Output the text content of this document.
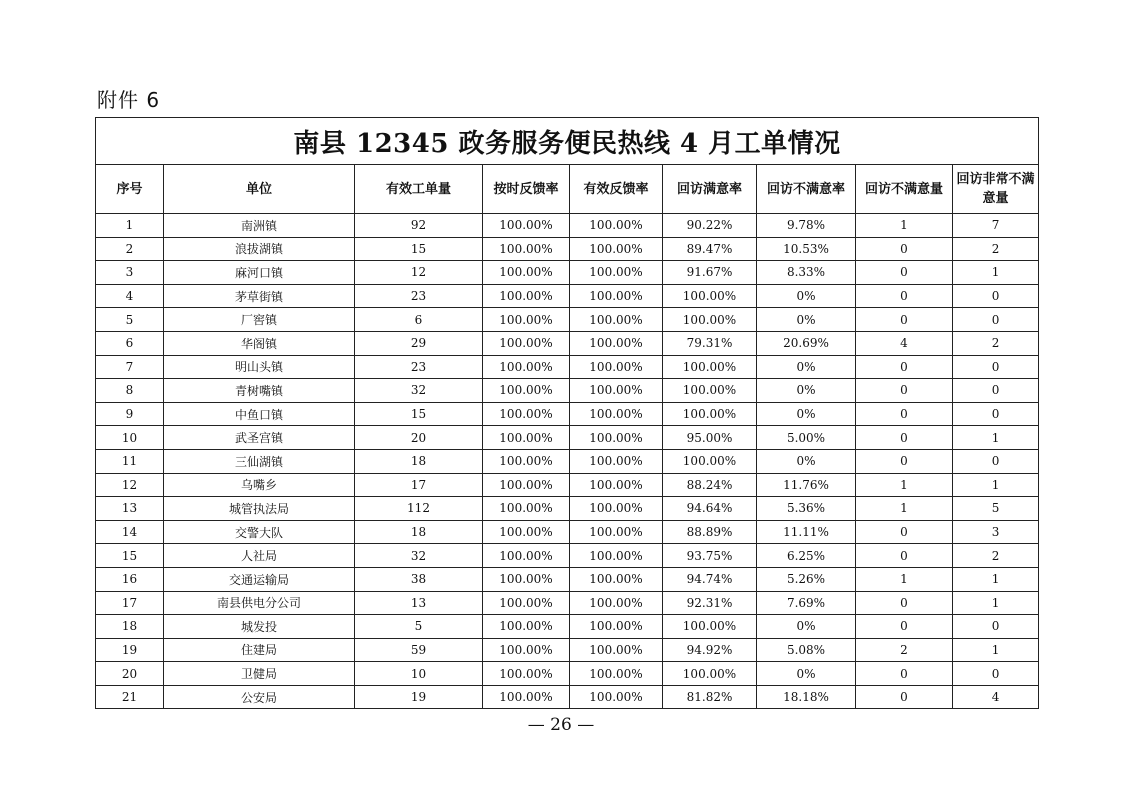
附件 6
南县 12345 政务服务便民热线 4 月工单情况								
序号	单位	有效工单量	按时反馈率	有效反馈率	回访满意率	回访不满意率	回访不满意量	回访非常不满意量
1	南洲镇	92	100.00%	100.00%	90.22%	9.78%	1	7
2	浪拔湖镇	15	100.00%	100.00%	89.47%	10.53%	0	2
3	麻河口镇	12	100.00%	100.00%	91.67%	8.33%	0	1
4	茅草街镇	23	100.00%	100.00%	100.00%	0%	0	0
5	厂窖镇	6	100.00%	100.00%	100.00%	0%	0	0
6	华阁镇	29	100.00%	100.00%	79.31%	20.69%	4	2
7	明山头镇	23	100.00%	100.00%	100.00%	0%	0	0
8	青树嘴镇	32	100.00%	100.00%	100.00%	0%	0	0
9	中鱼口镇	15	100.00%	100.00%	100.00%	0%	0	0
10	武圣宫镇	20	100.00%	100.00%	95.00%	5.00%	0	1
11	三仙湖镇	18	100.00%	100.00%	100.00%	0%	0	0
12	乌嘴乡	17	100.00%	100.00%	88.24%	11.76%	1	1
13	城管执法局	112	100.00%	100.00%	94.64%	5.36%	1	5
14	交警大队	18	100.00%	100.00%	88.89%	11.11%	0	3
15	人社局	32	100.00%	100.00%	93.75%	6.25%	0	2
16	交通运输局	38	100.00%	100.00%	94.74%	5.26%	1	1
17	南县供电分公司	13	100.00%	100.00%	92.31%	7.69%	0	1
18	城发投	5	100.00%	100.00%	100.00%	0%	0	0
19	住建局	59	100.00%	100.00%	94.92%	5.08%	2	1
20	卫健局	10	100.00%	100.00%	100.00%	0%	0	0
21	公安局	19	100.00%	100.00%	81.82%	18.18%	0	4
— 26 —
